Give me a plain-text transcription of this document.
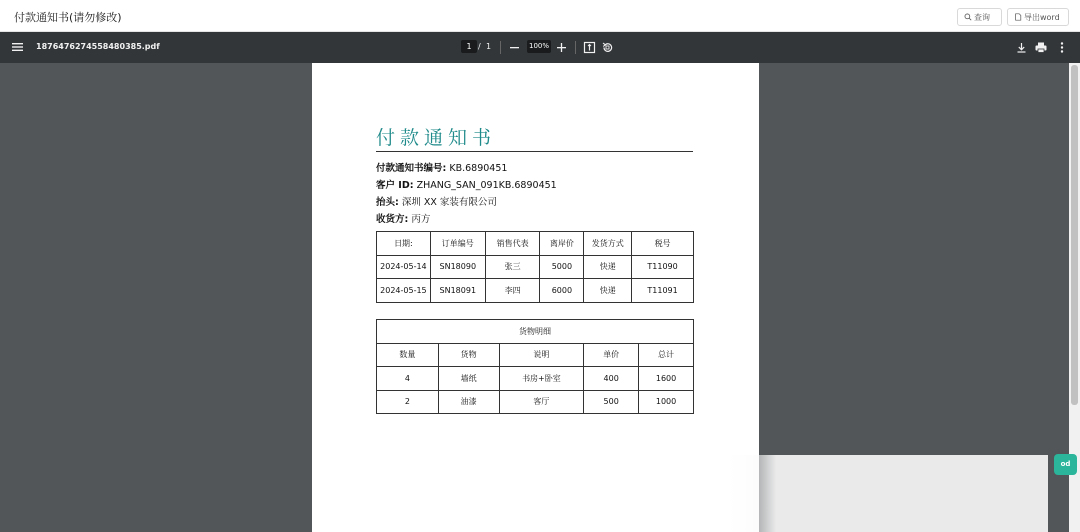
付款通知书(请勿修改)	查询	导出word
1876476274558480385.pdf	1 / 1	100%
付款通知书
付款通知书编号: KB.6890451
客户 ID: ZHANG_SAN_091KB.6890451
抬头: 深圳 XX 家装有限公司
收货方: 丙方
日期:	订单编号	销售代表	离岸价	发货方式	税号
2024-05-14	SN18090	张三	5000	快递	T11090
2024-05-15	SN18091	李四	6000	快递	T11091
货物明细				
数量	货物	说明	单价	总计
4	墙纸	书房+卧室	400	1600
2	油漆	客厅	500	1000
od
